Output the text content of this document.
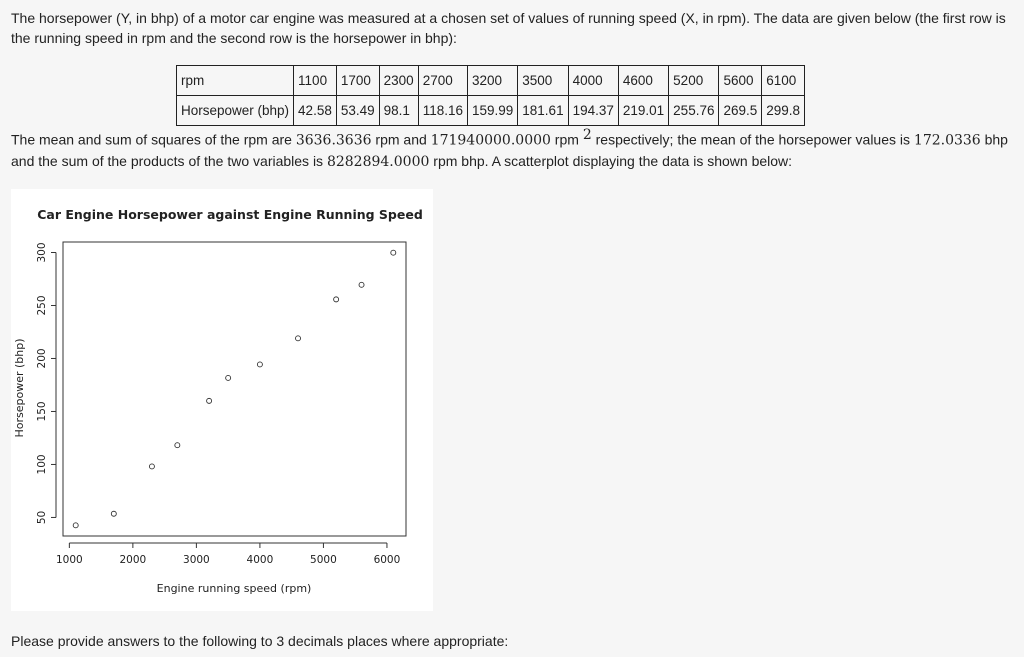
The horsepower (Y, in bhp) of a motor car engine was measured at a chosen set of values of running speed (X, in rpm). The data are given below (the first row is the running speed in rpm and the second row is the horsepower in bhp):
rpm	1100	1700	2300	2700	3200	3500	4000	4600	5200	5600	6100
Horsepower (bhp)	42.58	53.49	98.1	118.16	159.99	181.61	194.37	219.01	255.76	269.5	299.8
The mean and sum of squares of the rpm are 3636.3636 rpm and 171940000.0000 rpm $^2$ respectively; the mean of the horsepower values is 172.0336 bhp and the sum of the products of the two variables is 8282894.0000 rpm bhp. A scatterplot displaying the data is shown below:
Car Engine Horsepower against Engine Running Speed
Engine running speed (rpm)
Horsepower (bhp)
1000	2000	3000	4000	5000	6000
50
100
150
200
250
300
Please provide answers to the following to 3 decimals places where appropriate:
